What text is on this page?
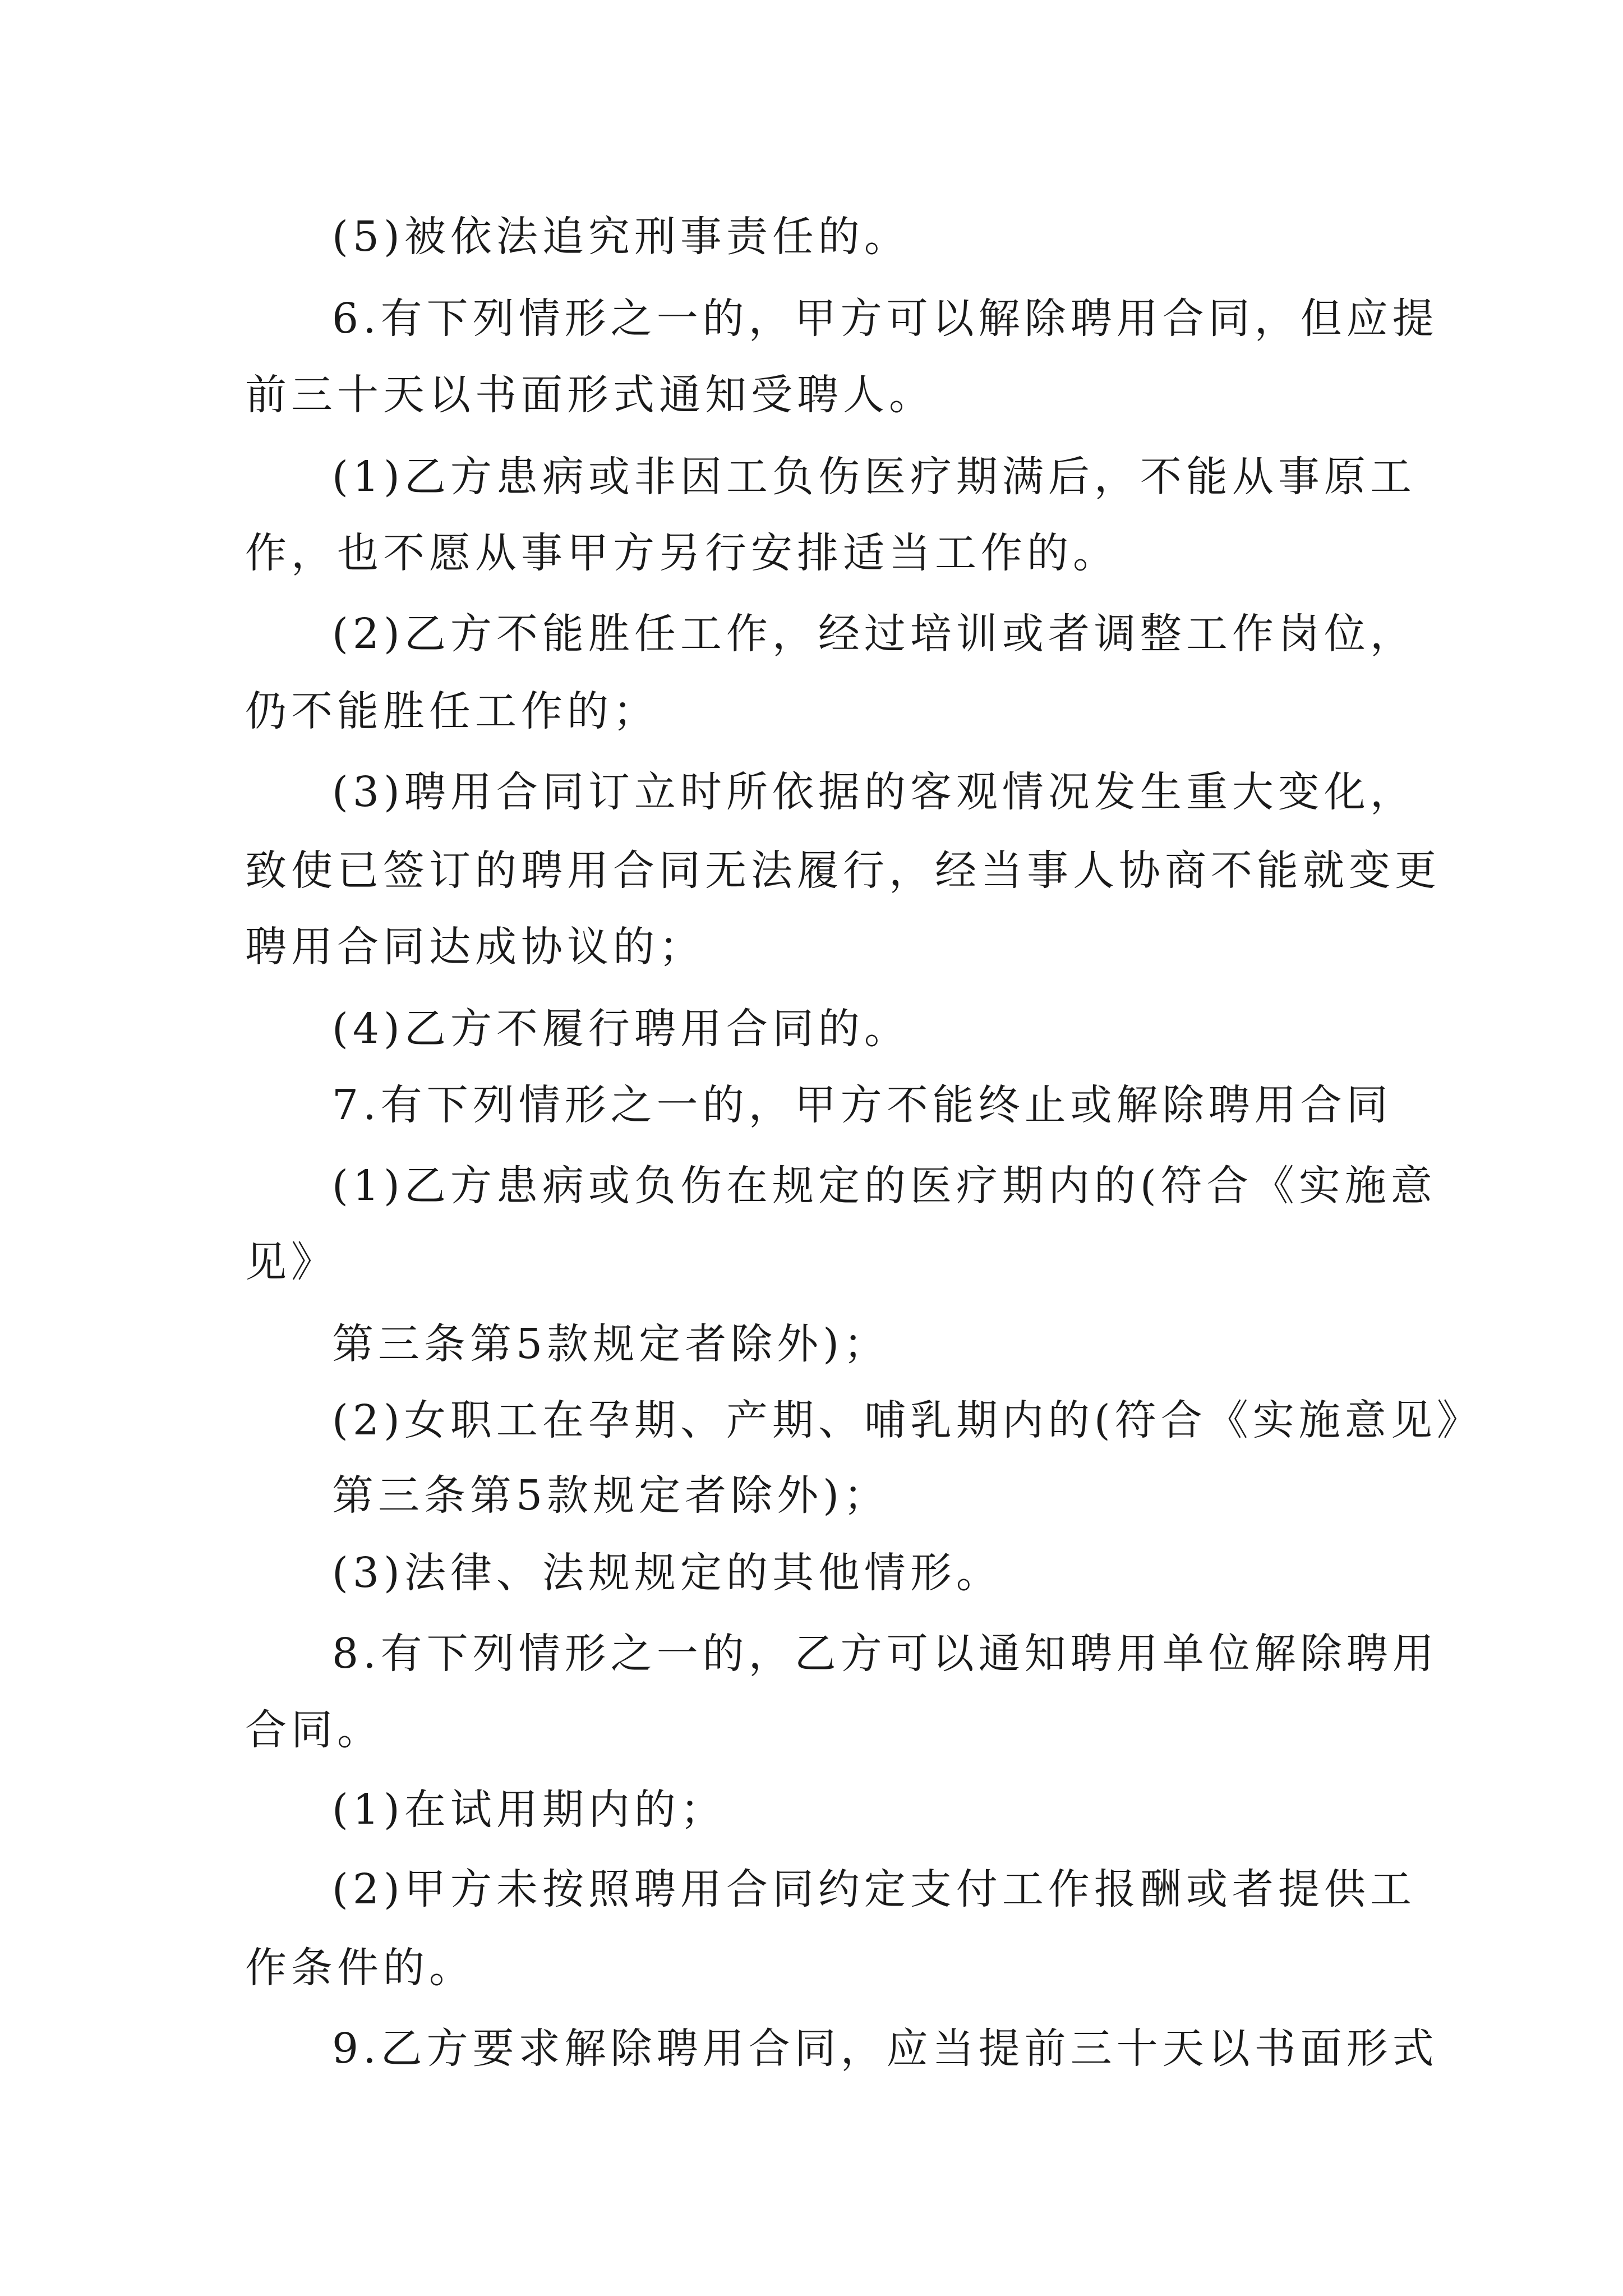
(5)被依法追究刑事责任的。
6.有下列情形之一的，甲方可以解除聘用合同，但应提
前三十天以书面形式通知受聘人。
(1)乙方患病或非因工负伤医疗期满后，不能从事原工
作，也不愿从事甲方另行安排适当工作的。
(2)乙方不能胜任工作，经过培训或者调整工作岗位，
仍不能胜任工作的；
(3)聘用合同订立时所依据的客观情况发生重大变化，
致使已签订的聘用合同无法履行，经当事人协商不能就变更
聘用合同达成协议的；
(4)乙方不履行聘用合同的。
7.有下列情形之一的，甲方不能终止或解除聘用合同
(1)乙方患病或负伤在规定的医疗期内的(符合《实施意
见》
第三条第5款规定者除外)；
(2)女职工在孕期、产期、哺乳期内的(符合《实施意见》
第三条第5款规定者除外)；
(3)法律、法规规定的其他情形。
8.有下列情形之一的，乙方可以通知聘用单位解除聘用
合同。
(1)在试用期内的；
(2)甲方未按照聘用合同约定支付工作报酬或者提供工
作条件的。
9.乙方要求解除聘用合同，应当提前三十天以书面形式
